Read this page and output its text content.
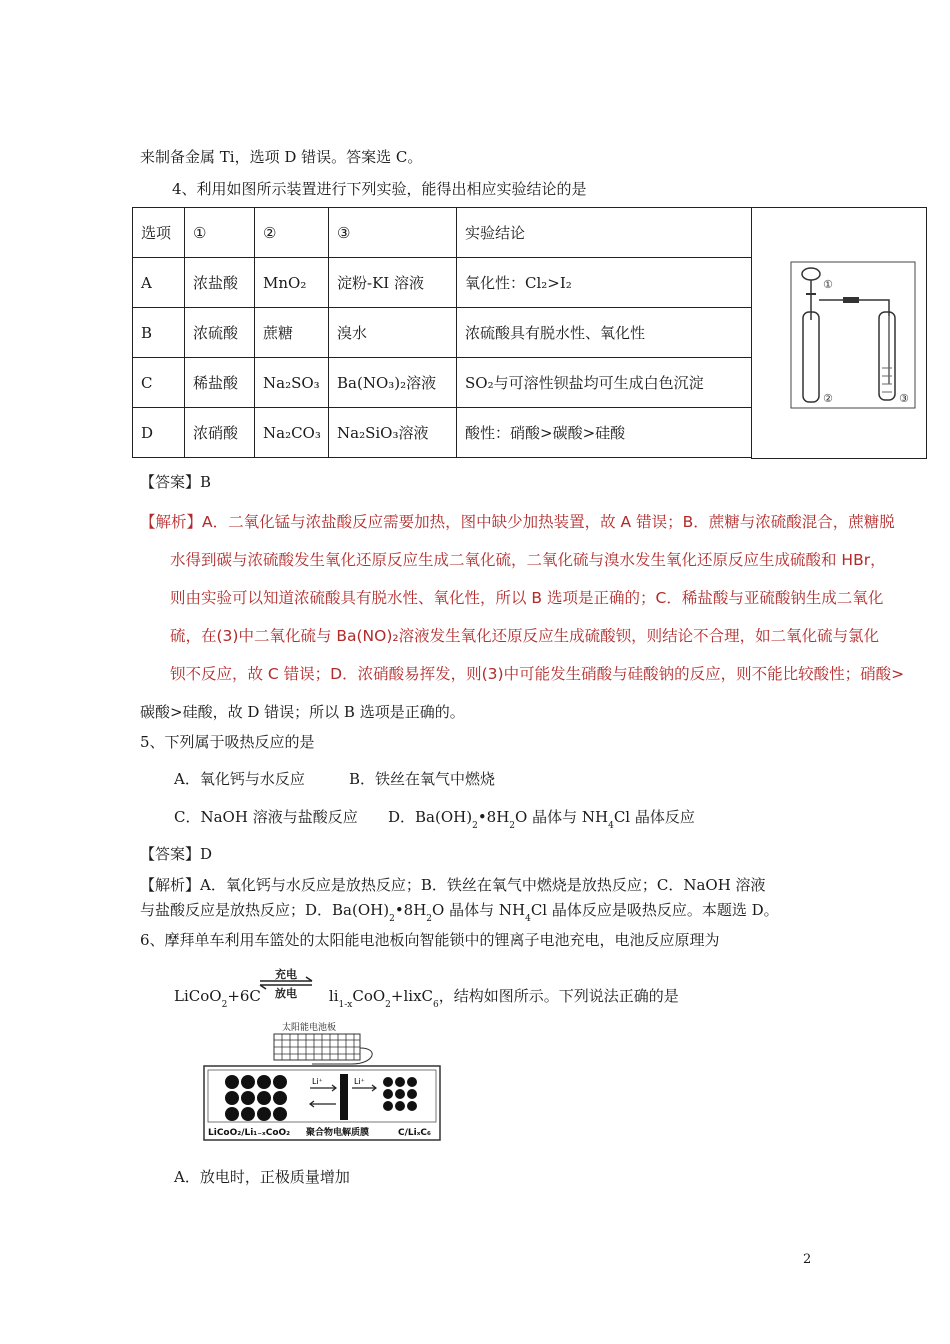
来制备金属 Ti，选项 D 错误。答案选 C。
4、利用如图所示装置进行下列实验，能得出相应实验结论的是
选项	①	②	③	实验结论
A	浓盐酸	MnO₂	淀粉-KI 溶液	氧化性：Cl₂>I₂
B	浓硫酸	蔗糖	溴水	浓硫酸具有脱水性、氧化性
C	稀盐酸	Na₂SO₃	Ba(NO₃)₂溶液	SO₂与可溶性钡盐均可生成白色沉淀
D	浓硝酸	Na₂CO₃	Na₂SiO₃溶液	酸性：硝酸>碳酸>硅酸
①
②	③
【答案】B
【解析】A．二氧化锰与浓盐酸反应需要加热，图中缺少加热装置，故 A 错误；B．蔗糖与浓硫酸混合，蔗糖脱
水得到碳与浓硫酸发生氧化还原反应生成二氧化硫，二氧化硫与溴水发生氧化还原反应生成硫酸和 HBr，
则由实验可以知道浓硫酸具有脱水性、氧化性，所以 B 选项是正确的；C．稀盐酸与亚硫酸钠生成二氧化
硫，在(3)中二氧化硫与 Ba(NO)₂溶液发生氧化还原反应生成硫酸钡，则结论不合理，如二氧化硫与氯化
钡不反应，故 C 错误；D．浓硝酸易挥发，则(3)中可能发生硝酸与硅酸钠的反应，则不能比较酸性；硝酸>
碳酸>硅酸，故 D 错误；所以 B 选项是正确的。
5、下列属于吸热反应的是
A．氧化钙与水反应	B．铁丝在氧气中燃烧
C．NaOH 溶液与盐酸反应 D．$Ba(OH)_2•8H_2O$ 晶体与 $NH_4Cl$ 晶体反应
【答案】D
【解析】A．氧化钙与水反应是放热反应；B．铁丝在氧气中燃烧是放热反应；C．NaOH 溶液
与盐酸反应是放热反应；D．$Ba(OH)_2•8H_2O$ 晶体与 $NH_4Cl$ 晶体反应是吸热反应。本题选 D。
6、摩拜单车利用车篮处的太阳能电池板向智能锁中的锂离子电池充电，电池反应原理为
充电
放电
LiCoO$_2$+6C	$li_{1-x}CoO_2+lixC_6$，结构如图所示。下列说法正确的是
太阳能电池板
Li⁺	Li⁺
LiCoO₂/Li₁₋ₓCoO₂ 聚合物电解质膜	C/LiₓC₆
A．放电时，正极质量增加
2
